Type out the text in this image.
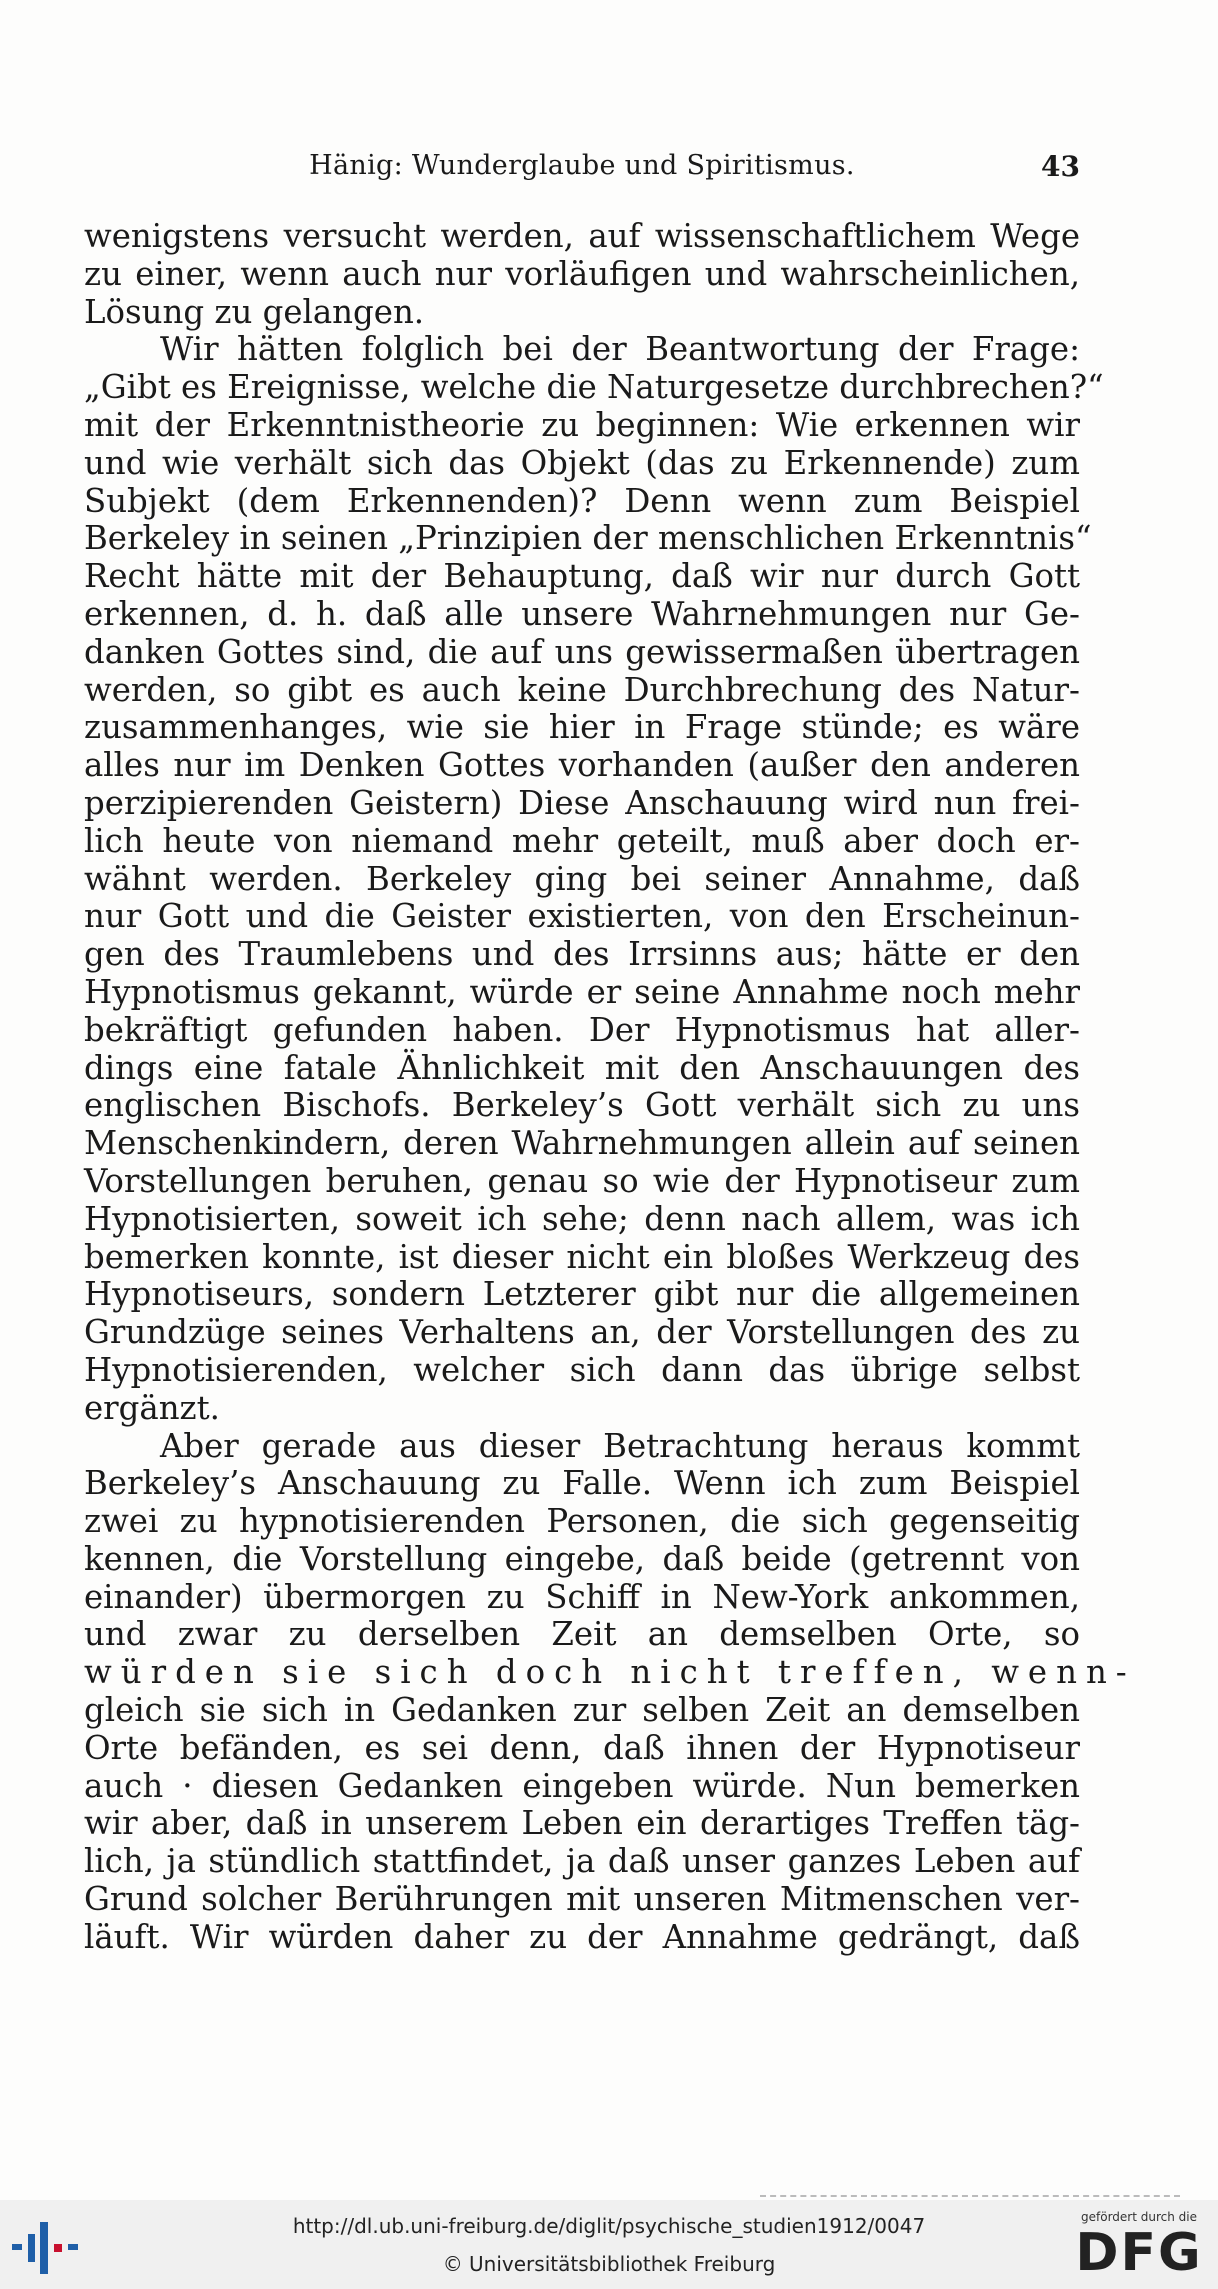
Hänig: Wunderglaube und Spiritismus.	43
wenigstens versucht werden, auf wissenschaftlichem Wege
zu einer, wenn auch nur vorläufigen und wahrscheinlichen,
Lösung zu gelangen.
Wir hätten folglich bei der Beantwortung der Frage:
„Gibt es Ereignisse, welche die Naturgesetze durchbrechen?“
mit der Erkenntnistheorie zu beginnen: Wie erkennen wir
und wie verhält sich das Objekt (das zu Erkennende) zum
Subjekt (dem Erkennenden)? Denn wenn zum Beispiel
Berkeley in seinen „Prinzipien der menschlichen Erkenntnis“
Recht hätte mit der Behauptung, daß wir nur durch Gott
erkennen, d. h. daß alle unsere Wahrnehmungen nur Ge-
danken Gottes sind, die auf uns gewissermaßen übertragen
werden, so gibt es auch keine Durchbrechung des Natur-
zusammenhanges, wie sie hier in Frage stünde; es wäre
alles nur im Denken Gottes vorhanden (außer den anderen
perzipierenden Geistern) Diese Anschauung wird nun frei-
lich heute von niemand mehr geteilt, muß aber doch er-
wähnt werden. Berkeley ging bei seiner Annahme, daß
nur Gott und die Geister existierten, von den Erscheinun-
gen des Traumlebens und des Irrsinns aus; hätte er den
Hypnotismus gekannt, würde er seine Annahme noch mehr
bekräftigt gefunden haben. Der Hypnotismus hat aller-
dings eine fatale Ähnlichkeit mit den Anschauungen des
englischen Bischofs. Berkeley’s Gott verhält sich zu uns
Menschenkindern, deren Wahrnehmungen allein auf seinen
Vorstellungen beruhen, genau so wie der Hypnotiseur zum
Hypnotisierten, soweit ich sehe; denn nach allem, was ich
bemerken konnte, ist dieser nicht ein bloßes Werkzeug des
Hypnotiseurs, sondern Letzterer gibt nur die allgemeinen
Grundzüge seines Verhaltens an, der Vorstellungen des zu
Hypnotisierenden, welcher sich dann das übrige selbst
ergänzt.
Aber gerade aus dieser Betrachtung heraus kommt
Berkeley’s Anschauung zu Falle. Wenn ich zum Beispiel
zwei zu hypnotisierenden Personen, die sich gegenseitig
kennen, die Vorstellung eingebe, daß beide (getrennt von
einander) übermorgen zu Schiff in New-York ankommen,
und zwar zu derselben Zeit an demselben Orte, so
würden sie sich doch nicht treffen, wenn-
gleich sie sich in Gedanken zur selben Zeit an demselben
Orte befänden, es sei denn, daß ihnen der Hypnotiseur
auch · diesen Gedanken eingeben würde. Nun bemerken
wir aber, daß in unserem Leben ein derartiges Treffen täg-
lich, ja stündlich stattfindet, ja daß unser ganzes Leben auf
Grund solcher Berührungen mit unseren Mitmenschen ver-
läuft. Wir würden daher zu der Annahme gedrängt, daß
http://dl.ub.uni-freiburg.de/diglit/psychische_studien1912/0047
© Universitätsbibliothek Freiburg
gefördert durch die
DFG
